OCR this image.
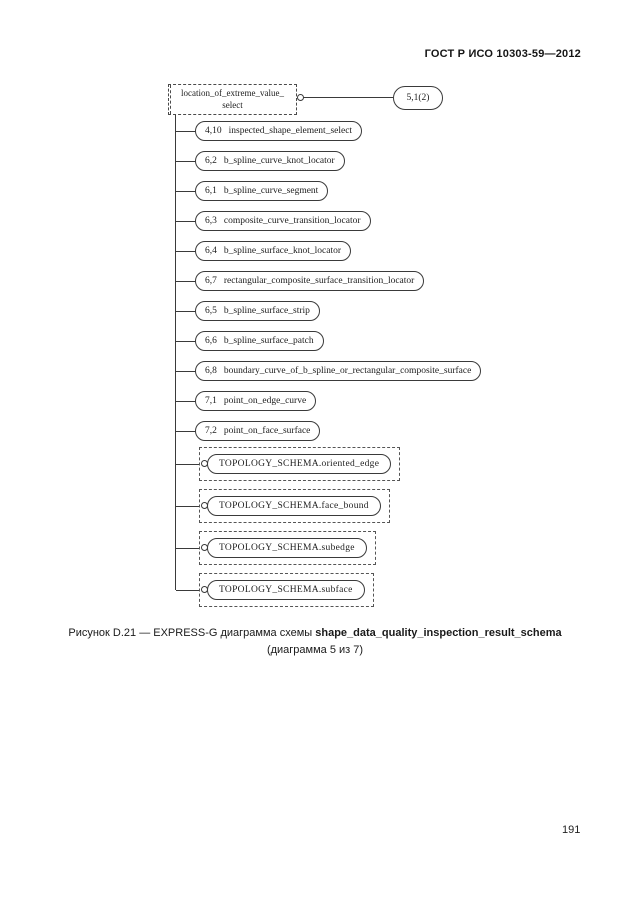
ГОСТ Р ИСО 10303-59—2012
location_of_extreme_value_
select
5,1(2)
4,10 inspected_shape_element_select
6,2 b_spline_curve_knot_locator
6,1 b_spline_curve_segment
6,3 composite_curve_transition_locator
6,4 b_spline_surface_knot_locator
6,7 rectangular_composite_surface_transition_locator
6,5 b_spline_surface_strip
6,6 b_spline_surface_patch
6,8 boundary_curve_of_b_spline_or_rectangular_composite_surface
7,1 point_on_edge_curve
7,2 point_on_face_surface
TOPOLOGY_SCHEMA.oriented_edge
TOPOLOGY_SCHEMA.face_bound
TOPOLOGY_SCHEMA.subedge
TOPOLOGY_SCHEMA.subface
Рисунок D.21 — EXPRESS-G диаграмма схемы shape_data_quality_inspection_result_schema
(диаграмма 5 из 7)
191
